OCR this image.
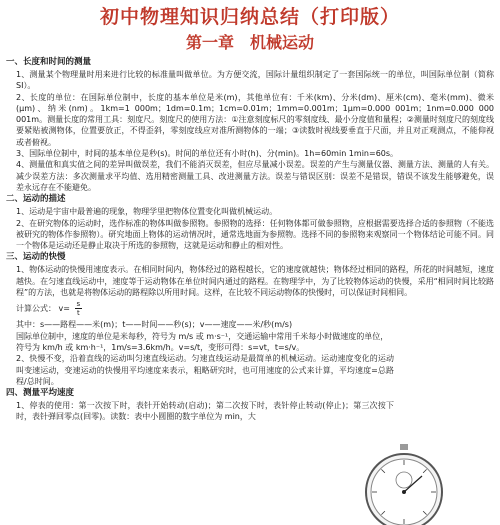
初中物理知识归纳总结（打印版）
第一章　机械运动
一、长度和时间的测量

1、测量某个物理量时用来进行比较的标准量叫做单位。为方便交流，国际计量组织制定了一套国际统一的单位，叫国际单位制（简称 SI）。

2、长度的单位：在国际单位制中，长度的基本单位是米(m)，其他单位有：千米(km)、分米(dm)、厘米(cm)、毫米(mm)、微米(μm)、纳米(nm)。1km=1 000m；1dm=0.1m；1cm=0.01m；1mm=0.001m；1μm=0.000 001m；1nm=0.000 000 001m。测量长度的常用工具：刻度尺。刻度尺的使用方法：①注意刻度标尺的零刻度线、最小分度值和量程；②测量时刻度尺的刻度线要紧贴被测物体，位置要放正，不得歪斜，零刻度线应对准所测物体的一端；③读数时视线要垂直于尺面，并且对正观测点，不能仰视或者俯视。

3、国际单位制中，时间的基本单位是秒(s)。时间的单位还有小时(h)、分(min)。1h=60min 1min=60s。

4、测量值和真实值之间的差异叫做误差，我们不能消灭误差，但应尽量减小误差。误差的产生与测量仪器、测量方法、测量的人有关。减少误差方法：多次测量求平均值、选用精密测量工具、改进测量方法。误差与错误区别：误差不是错误，错误不该发生能够避免，误差永远存在不能避免。

二、运动的描述

1、运动是宇宙中最普遍的现象，物理学里把物体位置变化叫做机械运动。

2、在研究物体的运动时，选作标准的物体叫做参照物。参照物的选择：任何物体都可做参照物，应根据需要选择合适的参照物（不能选被研究的物体作参照物）。研究地面上物体的运动情况时，通常选地面为参照物。选择不同的参照物来观察同一个物体结论可能不同。同一个物体是运动还是静止取决于所选的参照物，这就是运动和静止的相对性。

三、运动的快慢

1、物体运动的快慢用速度表示。在相同时间内，物体经过的路程越长，它的速度就越快；物体经过相同的路程，所花的时间越短，速度越快。在匀速直线运动中，速度等于运动物体在单位时间内通过的路程。在物理学中，为了比较物体运动的快慢，采用“相同时间比较路程”的方法，也就是将物体运动的路程除以所用时间。这样，在比较不同运动物体的快慢时，可以保证时间相同。

计算公式： $v= \frac{s}{t}$

其中：s——路程——米(m)；t——时间——秒(s)；v——速度——米/秒(m/s)

国际单位制中，速度的单位是米每秒，符号为 m/s 或 m·s⁻¹，交通运输中常用千米每小时做速度的单位，

符号为 km/h 或 km·h⁻¹，1m/s=3.6km/h。v=s/t，变形可得：s=vt，t=s/v。

2、快慢不变，沿着直线的运动叫匀速直线运动。匀速直线运动是最简单的机械运动。运动速度变化的运动叫变速运动，变速运动的快慢用平均速度来表示，粗略研究时，也可用速度的公式来计算，平均速度=总路程/总时间。

四、测量平均速度

1、停表的使用：第一次按下时，表针开始转动(启动)；第二次按下时，表针停止转动(停止)；第三次按下时，表针弹回零点(回零)。读数：表中小圆圈的数字单位为 min，大
